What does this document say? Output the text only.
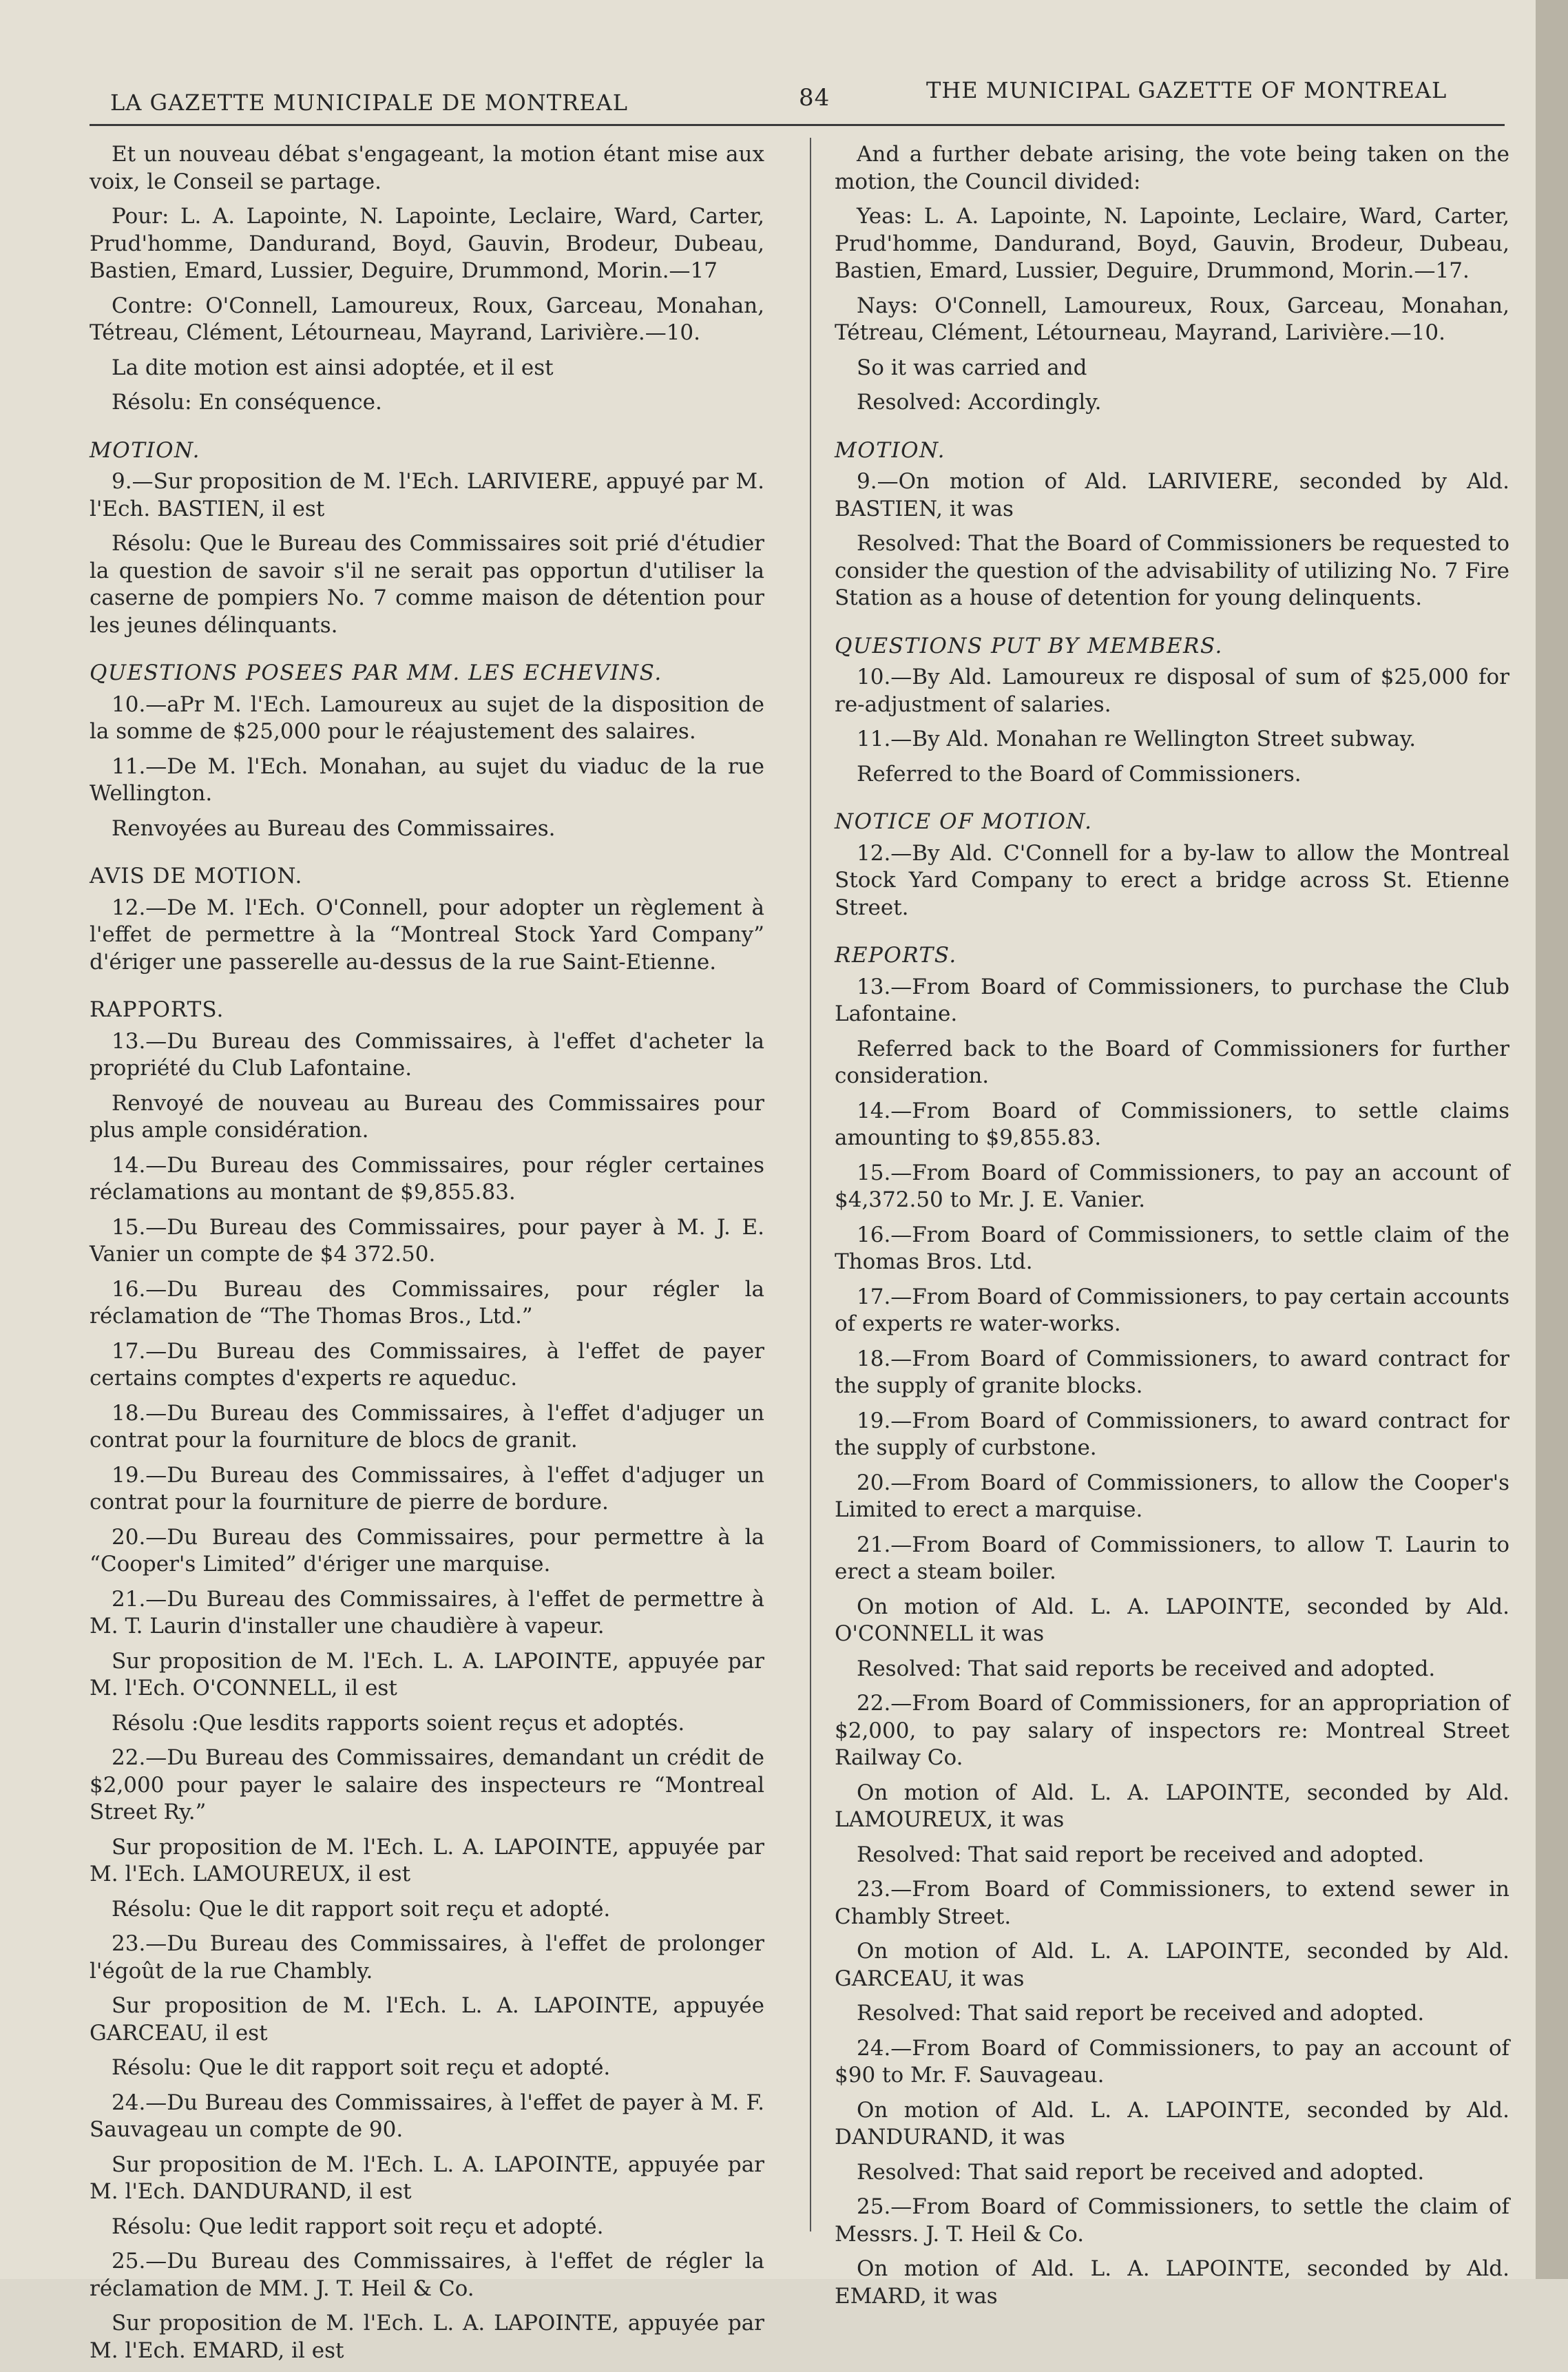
LA GAZETTE MUNICIPALE DE MONTREAL	84	THE MUNICIPAL GAZETTE OF MONTREAL

Et un nouveau débat s'engageant, la motion étant mise aux voix, le Conseil se partage.

Pour: L. A. Lapointe, N. Lapointe, Leclaire, Ward, Carter, Prud'homme, Dandurand, Boyd, Gauvin, Brodeur, Dubeau, Bastien, Emard, Lussier, Deguire, Drummond, Morin.—17

Contre: O'Connell, Lamoureux, Roux, Garceau, Monahan, Tétreau, Clément, Létourneau, Mayrand, Larivière.—10.

La dite motion est ainsi adoptée, et il est

Résolu: En conséquence.

MOTION.

9.—Sur proposition de M. l'Ech. LARIVIERE, appuyé par M. l'Ech. BASTIEN, il est

Résolu: Que le Bureau des Commissaires soit prié d'étudier la question de savoir s'il ne serait pas opportun d'utiliser la caserne de pompiers No. 7 comme maison de détention pour les jeunes délinquants.

QUESTIONS POSEES PAR MM. LES ECHEVINS.

10.—aPr M. l'Ech. Lamoureux au sujet de la disposition de la somme de $25,000 pour le réajustement des salaires.

11.—De M. l'Ech. Monahan, au sujet du viaduc de la rue Wellington.

Renvoyées au Bureau des Commissaires.

AVIS DE MOTION.

12.—De M. l'Ech. O'Connell, pour adopter un règlement à l'effet de permettre à la “Montreal Stock Yard Company” d'ériger une passerelle au-dessus de la rue Saint-Etienne.

RAPPORTS.

13.—Du Bureau des Commissaires, à l'effet d'acheter la propriété du Club Lafontaine.

Renvoyé de nouveau au Bureau des Commissaires pour plus ample considération.

14.—Du Bureau des Commissaires, pour régler certaines réclamations au montant de $9,855.83.

15.—Du Bureau des Commissaires, pour payer à M. J. E. Vanier un compte de $4 372.50.

16.—Du Bureau des Commissaires, pour régler la réclamation de “The Thomas Bros., Ltd.”

17.—Du Bureau des Commissaires, à l'effet de payer certains comptes d'experts re aqueduc.

18.—Du Bureau des Commissaires, à l'effet d'adjuger un contrat pour la fourniture de blocs de granit.

19.—Du Bureau des Commissaires, à l'effet d'adjuger un contrat pour la fourniture de pierre de bordure.

20.—Du Bureau des Commissaires, pour permettre à la “Cooper's Limited” d'ériger une marquise.

21.—Du Bureau des Commissaires, à l'effet de permettre à M. T. Laurin d'installer une chaudière à vapeur.

Sur proposition de M. l'Ech. L. A. LAPOINTE, appuyée par M. l'Ech. O'CONNELL, il est

Résolu :Que lesdits rapports soient reçus et adoptés.

22.—Du Bureau des Commissaires, demandant un crédit de $2,000 pour payer le salaire des inspecteurs re “Montreal Street Ry.”

Sur proposition de M. l'Ech. L. A. LAPOINTE, appuyée par M. l'Ech. LAMOUREUX, il est

Résolu: Que le dit rapport soit reçu et adopté.

23.—Du Bureau des Commissaires, à l'effet de prolonger l'égoût de la rue Chambly.

Sur proposition de M. l'Ech. L. A. LAPOINTE, appuyée GARCEAU, il est

Résolu: Que le dit rapport soit reçu et adopté.

24.—Du Bureau des Commissaires, à l'effet de payer à M. F. Sauvageau un compte de 90.

Sur proposition de M. l'Ech. L. A. LAPOINTE, appuyée par M. l'Ech. DANDURAND, il est

Résolu: Que ledit rapport soit reçu et adopté.

25.—Du Bureau des Commissaires, à l'effet de régler la réclamation de MM. J. T. Heil & Co.

Sur proposition de M. l'Ech. L. A. LAPOINTE, appuyée par M. l'Ech. EMARD, il est

And a further debate arising, the vote being taken on the motion, the Council divided:

Yeas: L. A. Lapointe, N. Lapointe, Leclaire, Ward, Carter, Prud'homme, Dandurand, Boyd, Gauvin, Brodeur, Dubeau, Bastien, Emard, Lussier, Deguire, Drummond, Morin.—17.

Nays: O'Connell, Lamoureux, Roux, Garceau, Monahan, Tétreau, Clément, Létourneau, Mayrand, Larivière.—10.

So it was carried and

Resolved: Accordingly.

MOTION.

9.—On motion of Ald. LARIVIERE, seconded by Ald. BASTIEN, it was

Resolved: That the Board of Commissioners be requested to consider the question of the advisability of utilizing No. 7 Fire Station as a house of detention for young delinquents.

QUESTIONS PUT BY MEMBERS.

10.—By Ald. Lamoureux re disposal of sum of $25,000 for re-adjustment of salaries.

11.—By Ald. Monahan re Wellington Street subway.

Referred to the Board of Commissioners.

NOTICE OF MOTION.

12.—By Ald. C'Connell for a by-law to allow the Montreal Stock Yard Company to erect a bridge across St. Etienne Street.

REPORTS.

13.—From Board of Commissioners, to purchase the Club Lafontaine.

Referred back to the Board of Commissioners for further consideration.

14.—From Board of Commissioners, to settle claims amounting to $9,855.83.

15.—From Board of Commissioners, to pay an account of $4,372.50 to Mr. J. E. Vanier.

16.—From Board of Commissioners, to settle claim of the Thomas Bros. Ltd.

17.—From Board of Commissioners, to pay certain accounts of experts re water-works.

18.—From Board of Commissioners, to award contract for the supply of granite blocks.

19.—From Board of Commissioners, to award contract for the supply of curbstone.

20.—From Board of Commissioners, to allow the Cooper's Limited to erect a marquise.

21.—From Board of Commissioners, to allow T. Laurin to erect a steam boiler.

On motion of Ald. L. A. LAPOINTE, seconded by Ald. O'CONNELL it was

Resolved: That said reports be received and adopted.

22.—From Board of Commissioners, for an appropriation of $2,000, to pay salary of inspectors re: Montreal Street Railway Co.

On motion of Ald. L. A. LAPOINTE, seconded by Ald. LAMOUREUX, it was

Resolved: That said report be received and adopted.

23.—From Board of Commissioners, to extend sewer in Chambly Street.

On motion of Ald. L. A. LAPOINTE, seconded by Ald. GARCEAU, it was

Resolved: That said report be received and adopted.

24.—From Board of Commissioners, to pay an account of $90 to Mr. F. Sauvageau.

On motion of Ald. L. A. LAPOINTE, seconded by Ald. DANDURAND, it was

Resolved: That said report be received and adopted.

25.—From Board of Commissioners, to settle the claim of Messrs. J. T. Heil & Co.

On motion of Ald. L. A. LAPOINTE, seconded by Ald. EMARD, it was
